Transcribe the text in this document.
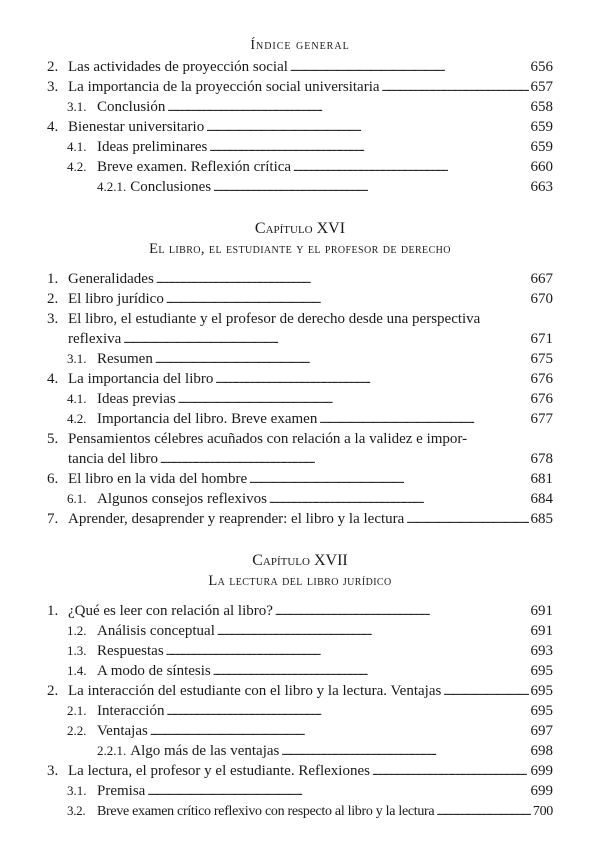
Índice general
Capítulo XVI
El libro, el estudiante y el profesor de derecho
Capítulo XVII
La lectura del libro jurídico
2. Las actividades de proyección social . . .	656
3. La importancia de la proyección social universitaria . . .	657
3.1. Conclusión . . .	658
4. Bienestar universitario . . .	659
4.1. Ideas preliminares . . .	659
4.2. Breve examen. Reflexión crítica . . .	660
4.2.1. Conclusiones . . .	663
1. Generalidades . . .	667
2. El libro jurídico . . .	670
3. El libro, el estudiante y el profesor de derecho desde una perspectiva
reflexiva . . .	671
3.1. Resumen . . .	675
4. La importancia del libro . . .	676
4.1. Ideas previas . . .	676
4.2. Importancia del libro. Breve examen . . .	677
5. Pensamientos célebres acuñados con relación a la validez e impor-
tancia del libro . . .	678
6. El libro en la vida del hombre . . .	681
6.1. Algunos consejos reflexivos . . .	684
7. Aprender, desaprender y reaprender: el libro y la lectura . . .	685
1. ¿Qué es leer con relación al libro? . . .	691
1.2. Análisis conceptual . . .	691
1.3. Respuestas . . .	693
1.4. A modo de síntesis . . .	695
2. La interacción del estudiante con el libro y la lectura. Ventajas . . .	695
2.1. Interacción . . .	695
2.2. Ventajas . . .	697
2.2.1. Algo más de las ventajas . . .	698
3. La lectura, el profesor y el estudiante. Reflexiones . . .	699
3.1. Premisa . . .	699
3.2. Breve examen crítico reflexivo con respecto al libro y la lectura . . .	700
